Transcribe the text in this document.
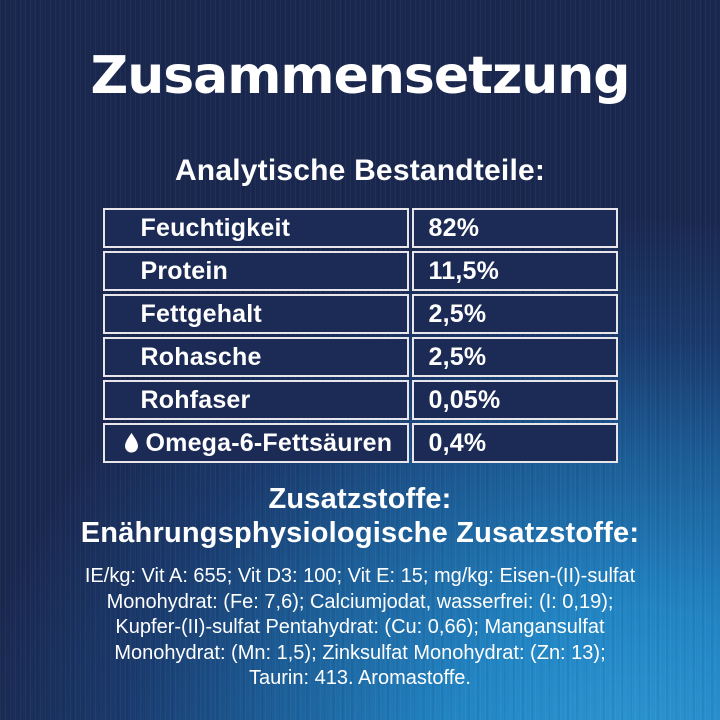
Zusammensetzung
Analytische Bestandteile:
Feuchtigkeit	82%
Protein	11,5%
Fettgehalt	2,5%
Rohasche	2,5%
Rohfaser	0,05%
Omega-6-Fettsäuren	0,4%
Zusatzstoffe:
Enährungsphysiologische Zusatzstoffe:
IE/kg: Vit A: 655; Vit D3: 100; Vit E: 15; mg/kg: Eisen-(II)-sulfat
Monohydrat: (Fe: 7,6); Calciumjodat, wasserfrei: (I: 0,19);
Kupfer-(II)-sulfat Pentahydrat: (Cu: 0,66); Mangansulfat
Monohydrat: (Mn: 1,5); Zinksulfat Monohydrat: (Zn: 13);
Taurin: 413. Aromastoffe.
